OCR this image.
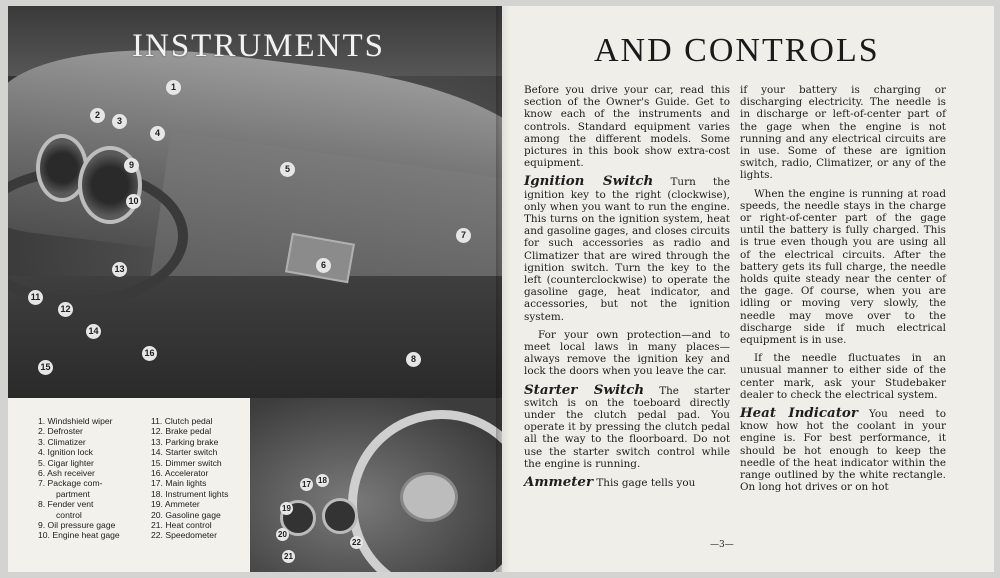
INSTRUMENTS
1
2
3
4
5
6
7
8
9
10
11
12
13
14
15
16
1. Windshield wiper
2. Defroster
3. Climatizer
4. Ignition lock
5. Cigar lighter
6. Ash receiver
7. Package com-
partment
8. Fender vent
control
9. Oil pressure gage
10. Engine heat gage
11. Clutch pedal
12. Brake pedal
13. Parking brake
14. Starter switch
15. Dimmer switch
16. Accelerator
17. Main lights
18. Instrument lights
19. Ammeter
20. Gasoline gage
21. Heat control
22. Speedometer
17 18
19
20
21
22
AND CONTROLS

Before you drive your car, read this section of the Owner's Guide. Get to know each of the instruments and controls. Standard equipment varies among the different models. Some pictures in this book show extra-cost equipment.

Ignition Switch Turn the ignition key to the right (clockwise), only when you want to run the engine. This turns on the ignition system, heat and gasoline gages, and closes circuits for such accessories as radio and Climatizer that are wired through the ignition switch. Turn the key to the left (counterclockwise) to operate the gasoline gage, heat indicator, and accessories, but not the ignition system.

For your own protection—and to meet local laws in many places—always remove the ignition key and lock the doors when you leave the car.

Starter Switch The starter switch is on the toeboard directly under the clutch pedal pad. You operate it by pressing the clutch pedal all the way to the floorboard. Do not use the starter switch control while the engine is running.

Ammeter This gage tells you

if your battery is charging or discharging electricity. The needle is in discharge or left-of-center part of the gage when the engine is not running and any electrical circuits are in use. Some of these are ignition switch, radio, Climatizer, or any of the lights.

When the engine is running at road speeds, the needle stays in the charge or right-of-center part of the gage until the battery is fully charged. This is true even though you are using all of the electrical circuits. After the battery gets its full charge, the needle holds quite steady near the center of the gage. Of course, when you are idling or moving very slowly, the needle may move over to the discharge side if much electrical equipment is in use.

If the needle fluctuates in an unusual manner to either side of the center mark, ask your Studebaker dealer to check the electrical system.

Heat Indicator You need to know how hot the coolant in your engine is. For best performance, it should be hot enough to keep the needle of the heat indicator within the range outlined by the white rectangle. On long hot drives or on hot

—3—
